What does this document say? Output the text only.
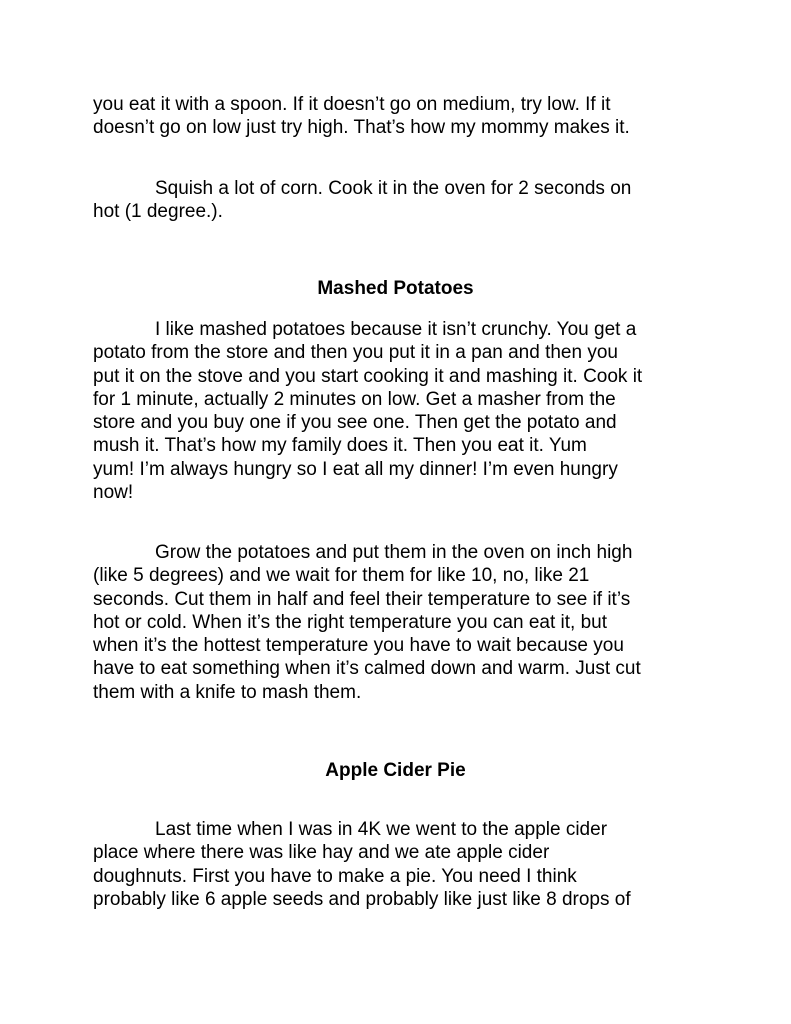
you eat it with a spoon. If it doesn’t go on medium, try low. If it
doesn’t go on low just try high. That’s how my mommy makes it.
Squish a lot of corn. Cook it in the oven for 2 seconds on
hot (1 degree.).
Mashed Potatoes
I like mashed potatoes because it isn’t crunchy. You get a
potato from the store and then you put it in a pan and then you
put it on the stove and you start cooking it and mashing it. Cook it
for 1 minute, actually 2 minutes on low. Get a masher from the
store and you buy one if you see one. Then get the potato and
mush it. That’s how my family does it. Then you eat it. Yum
yum! I’m always hungry so I eat all my dinner! I’m even hungry
now!
Grow the potatoes and put them in the oven on inch high
(like 5 degrees) and we wait for them for like 10, no, like 21
seconds. Cut them in half and feel their temperature to see if it’s
hot or cold. When it’s the right temperature you can eat it, but
when it’s the hottest temperature you have to wait because you
have to eat something when it’s calmed down and warm. Just cut
them with a knife to mash them.
Apple Cider Pie
Last time when I was in 4K we went to the apple cider
place where there was like hay and we ate apple cider
doughnuts. First you have to make a pie. You need I think
probably like 6 apple seeds and probably like just like 8 drops of
